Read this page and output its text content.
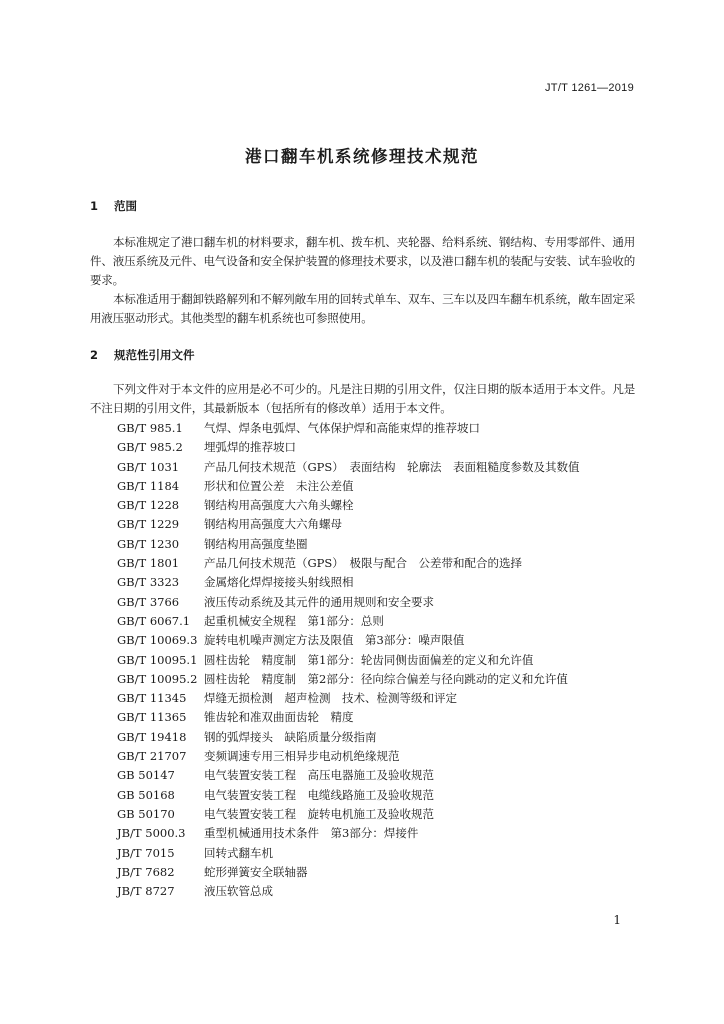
JT/T 1261—2019
港口翻车机系统修理技术规范
1 范围
本标准规定了港口翻车机的材料要求，翻车机、拨车机、夹轮器、给料系统、钢结构、专用零部件、通用件、液压系统及元件、电气设备和安全保护装置的修理技术要求，以及港口翻车机的装配与安装、试车验收的要求。
本标准适用于翻卸铁路解列和不解列敞车用的回转式单车、双车、三车以及四车翻车机系统，敞车固定采用液压驱动形式。其他类型的翻车机系统也可参照使用。
2 规范性引用文件
下列文件对于本文件的应用是必不可少的。凡是注日期的引用文件，仅注日期的版本适用于本文件。凡是不注日期的引用文件，其最新版本（包括所有的修改单）适用于本文件。
GB/T 985.1	气焊、焊条电弧焊、气体保护焊和高能束焊的推荐坡口
GB/T 985.2	埋弧焊的推荐坡口
GB/T 1031	产品几何技术规范（GPS）　表面结构　轮廓法　表面粗糙度参数及其数值
GB/T 1184	形状和位置公差　未注公差值
GB/T 1228	钢结构用高强度大六角头螺栓
GB/T 1229	钢结构用高强度大六角螺母
GB/T 1230	钢结构用高强度垫圈
GB/T 1801	产品几何技术规范（GPS）　极限与配合　公差带和配合的选择
GB/T 3323	金属熔化焊焊接接头射线照相
GB/T 3766	液压传动系统及其元件的通用规则和安全要求
GB/T 6067.1	起重机械安全规程　第1部分：总则
GB/T 10069.3 旋转电机噪声测定方法及限值　第3部分：噪声限值
GB/T 10095.1 圆柱齿轮　精度制　第1部分：轮齿同侧齿面偏差的定义和允许值
GB/T 10095.2 圆柱齿轮　精度制　第2部分：径向综合偏差与径向跳动的定义和允许值
GB/T 11345	焊缝无损检测　超声检测　技术、检测等级和评定
GB/T 11365	锥齿轮和准双曲面齿轮　精度
GB/T 19418	钢的弧焊接头　缺陷质量分级指南
GB/T 21707	变频调速专用三相异步电动机绝缘规范
GB 50147	电气装置安装工程　高压电器施工及验收规范
GB 50168	电气装置安装工程　电缆线路施工及验收规范
GB 50170	电气装置安装工程　旋转电机施工及验收规范
JB/T 5000.3	重型机械通用技术条件　第3部分：焊接件
JB/T 7015	回转式翻车机
JB/T 7682	蛇形弹簧安全联轴器
JB/T 8727	液压软管总成
1
